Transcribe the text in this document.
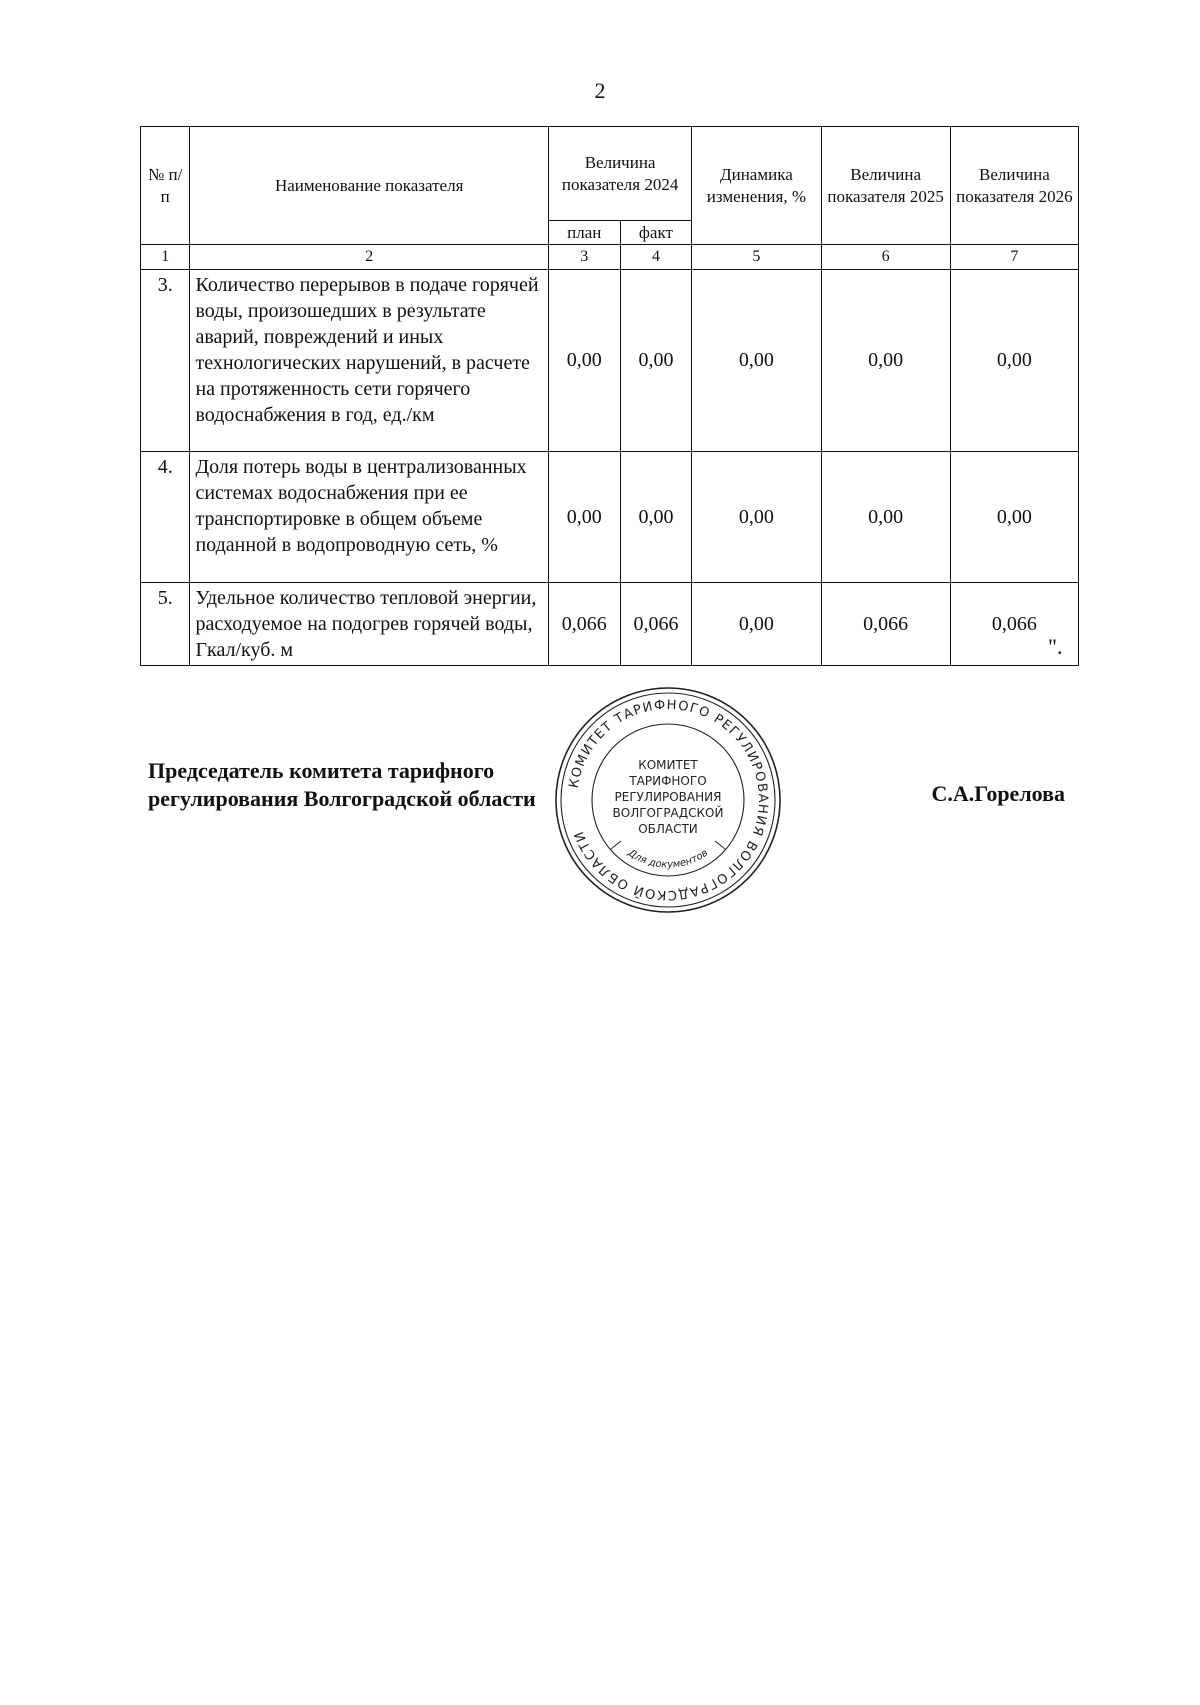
2
№ п/п	Наименование показателя	Величина показателя 2024		Динамика изменения, %	Величина показателя 2025	Величина показателя 2026
		план	факт			
1	2	3	4	5	6	7
3.	Количество перерывов в подаче горячей воды, произошедших в результате аварий, повреждений и иных технологических нарушений, в расчете на протяженность сети горячего водоснабжения в год, ед./км	0,00	0,00	0,00	0,00	0,00
4.	Доля потерь воды в централизованных системах водоснабжения при ее транспортировке в общем объеме поданной в водопроводную сеть, %	0,00	0,00	0,00	0,00	0,00
5.	Удельное количество тепловой энергии, расходуемое на подогрев горячей воды, Гкал/куб. м	0,066	0,066	0,00	0,066	0,066
".
Председатель комитета тарифного
регулирования Волгоградской области	С.А.Горелова
КОМИТЕТ ТАРИФНОГО РЕГУЛИРОВАНИЯ ВОЛГОГРАДСКОЙ ОБЛАСТИ
КОМИТЕТ
ТАРИФНОГО
РЕГУЛИРОВАНИЯ
ВОЛГОГРАДСКОЙ
ОБЛАСТИ
Для документов
